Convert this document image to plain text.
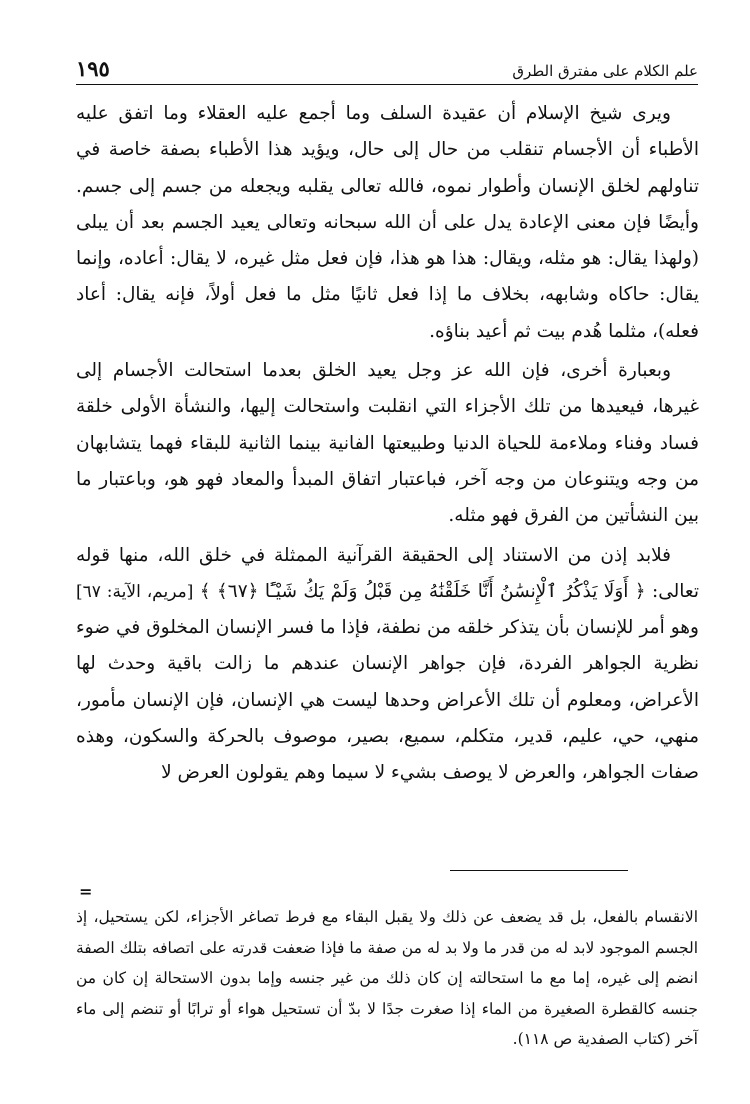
علم الكلام على مفترق الطرق
١٩٥

ويرى شيخ الإسلام أن عقيدة السلف وما أجمع عليه العقلاء وما اتفق عليه الأطباء أن الأجسام تنقلب من حال إلى حال، ويؤيد هذا الأطباء بصفة خاصة في تناولهم لخلق الإنسان وأطوار نموه، فالله تعالى يقلبه ويجعله من جسم إلى جسم. وأيضًا فإن معنى الإعادة يدل على أن الله سبحانه وتعالى يعيد الجسم بعد أن يبلى (ولهذا يقال: هو مثله، ويقال: هذا هو هذا، فإن فعل مثل غيره، لا يقال: أعاده، وإنما يقال: حاكاه وشابهه، بخلاف ما إذا فعل ثانيًا مثل ما فعل أولاً، فإنه يقال: أعاد فعله)، مثلما هُدم بيت ثم أعيد بناؤه.

وبعبارة أخرى، فإن الله عز وجل يعيد الخلق بعدما استحالت الأجسام إلى غيرها، فيعيدها من تلك الأجزاء التي انقلبت واستحالت إليها، والنشأة الأولى خلقة فساد وفناء وملاءمة للحياة الدنيا وطبيعتها الفانية بينما الثانية للبقاء فهما يتشابهان من وجه ويتنوعان من وجه آخر، فباعتبار اتفاق المبدأ والمعاد فهو هو، وباعتبار ما بين النشأتين من الفرق فهو مثله.

فلابد إذن من الاستناد إلى الحقيقة القرآنية الممثلة في خلق الله، منها قوله تعالى: ﴿ أَوَلَا يَذْكُرُ ٱلْإِنسَٰنُ أَنَّا خَلَقْنَٰهُ مِن قَبْلُ وَلَمْ يَكُ شَيْـًٔا ﴿٦٧﴾ ﴾ [مريم، الآية: ٦٧] وهو أمر للإنسان بأن يتذكر خلقه من نطفة، فإذا ما فسر الإنسان المخلوق في ضوء نظرية الجواهر الفردة، فإن جواهر الإنسان عندهم ما زالت باقية وحدث لها الأعراض، ومعلوم أن تلك الأعراض وحدها ليست هي الإنسان، فإن الإنسان مأمور، منهي، حي، عليم، قدير، متكلم، سميع، بصير، موصوف بالحركة والسكون، وهذه صفات الجواهر، والعرض لا يوصف بشيء لا سيما وهم يقولون العرض لا

=

الانقسام بالفعل، بل قد يضعف عن ذلك ولا يقبل البقاء مع فرط تصاغر الأجزاء، لكن يستحيل، إذ الجسم الموجود لابد له من قدر ما ولا بد له من صفة ما فإذا ضعفت قدرته على اتصافه بتلك الصفة انضم إلى غيره، إما مع ما استحالته إن كان ذلك من غير جنسه وإما بدون الاستحالة إن كان من جنسه كالقطرة الصغيرة من الماء إذا صغرت جدًا لا بدّ أن تستحيل هواء أو ترابًا أو تنضم إلى ماء آخر (كتاب الصفدية ص ١١٨).
